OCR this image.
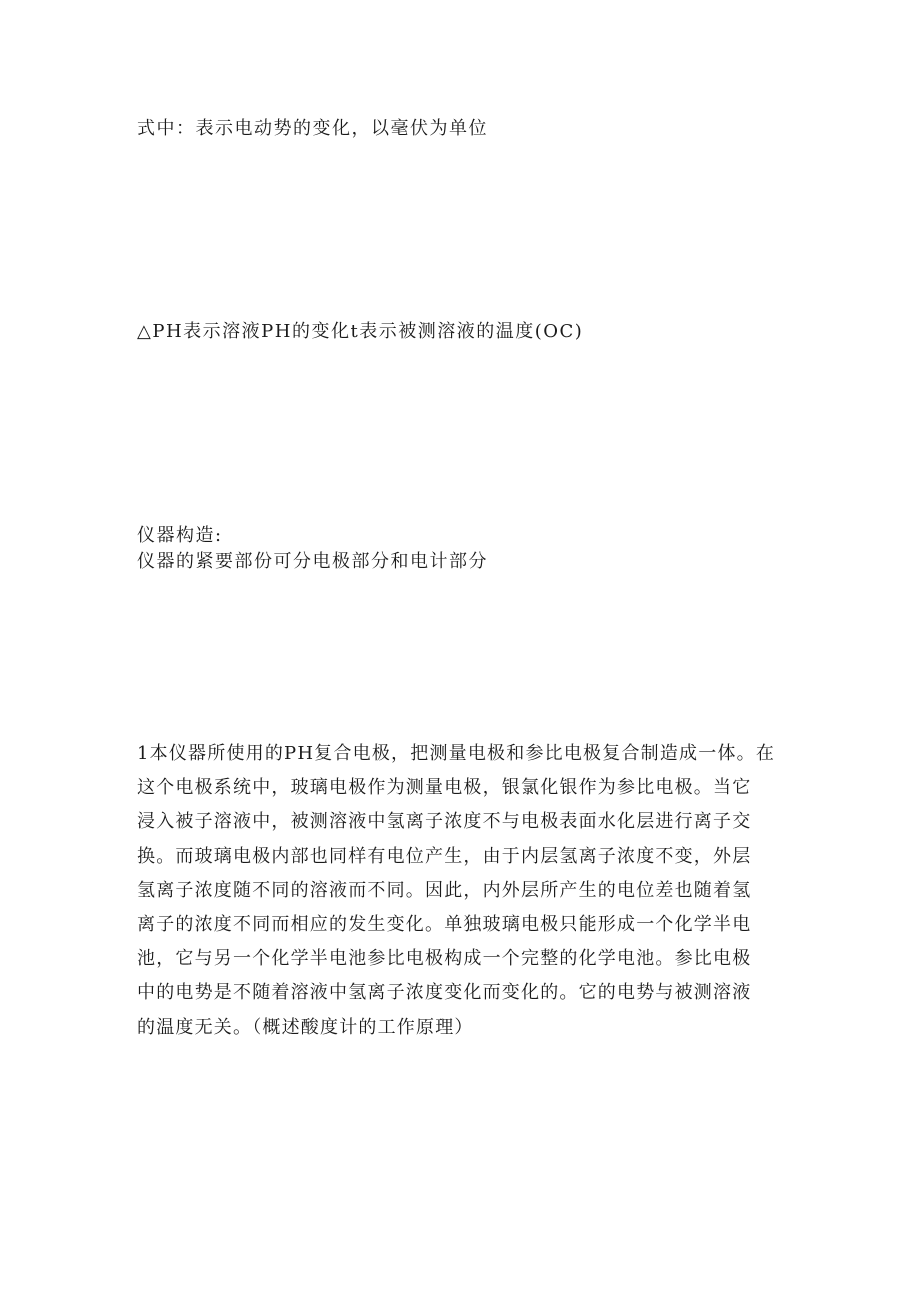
式中：表示电动势的变化，以毫伏为单位
△PH表示溶液PH的变化t表示被测溶液的温度(OC)
仪器构造:
仪器的紧要部份可分电极部分和电计部分

1本仪器所使用的PH复合电极，把测量电极和参比电极复合制造成一体。在

这个电极系统中，玻璃电极作为测量电极，银氯化银作为参比电极。当它

浸入被子溶液中，被测溶液中氢离子浓度不与电极表面水化层进行离子交

换。而玻璃电极内部也同样有电位产生，由于内层氢离子浓度不变，外层

氢离子浓度随不同的溶液而不同。因此，内外层所产生的电位差也随着氢

离子的浓度不同而相应的发生变化。单独玻璃电极只能形成一个化学半电

池，它与另一个化学半电池参比电极构成一个完整的化学电池。参比电极

中的电势是不随着溶液中氢离子浓度变化而变化的。它的电势与被测溶液

的温度无关。（概述酸度计的工作原理）
